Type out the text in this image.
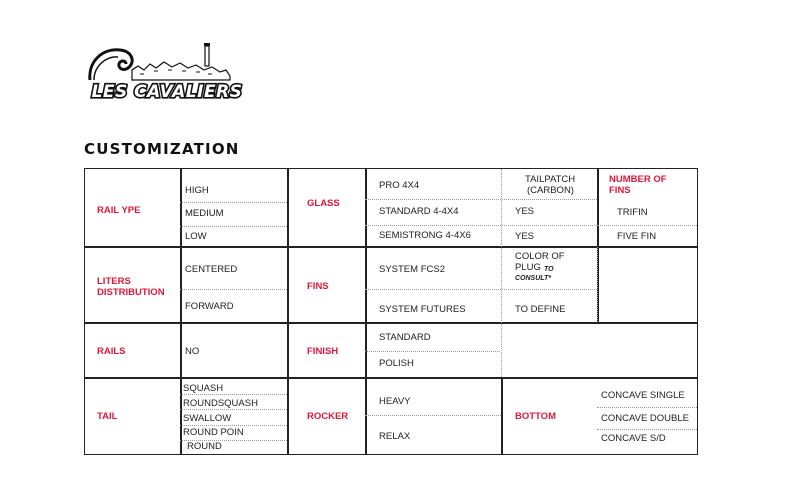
LES CAVALIERS
CUSTOMIZATION
RAIL YPE
HIGH
MEDIUM
LOW
GLASS
PRO 4X4
STANDARD 4-4X4
SEMISTRONG 4-4X6
TAILPATCH
(CARBON)
YES
YES
NUMBER OF
FINS
TRIFIN
FIVE FIN
LITERS
DISTRIBUTION
CENTERED
FORWARD
FINS
SYSTEM FCS2
SYSTEM FUTURES
COLOR OF
PLUG TO
CONSULT*
TO DEFINE
RAILS	NO	FINISH
STANDARD
POLISH
TAIL
SQUASH
ROUNDSQUASH
SWALLOW
ROUND POIN
ROUND
ROCKER
HEAVY
RELAX
BOTTOM
CONCAVE SINGLE
CONCAVE DOUBLE
CONCAVE S/D
